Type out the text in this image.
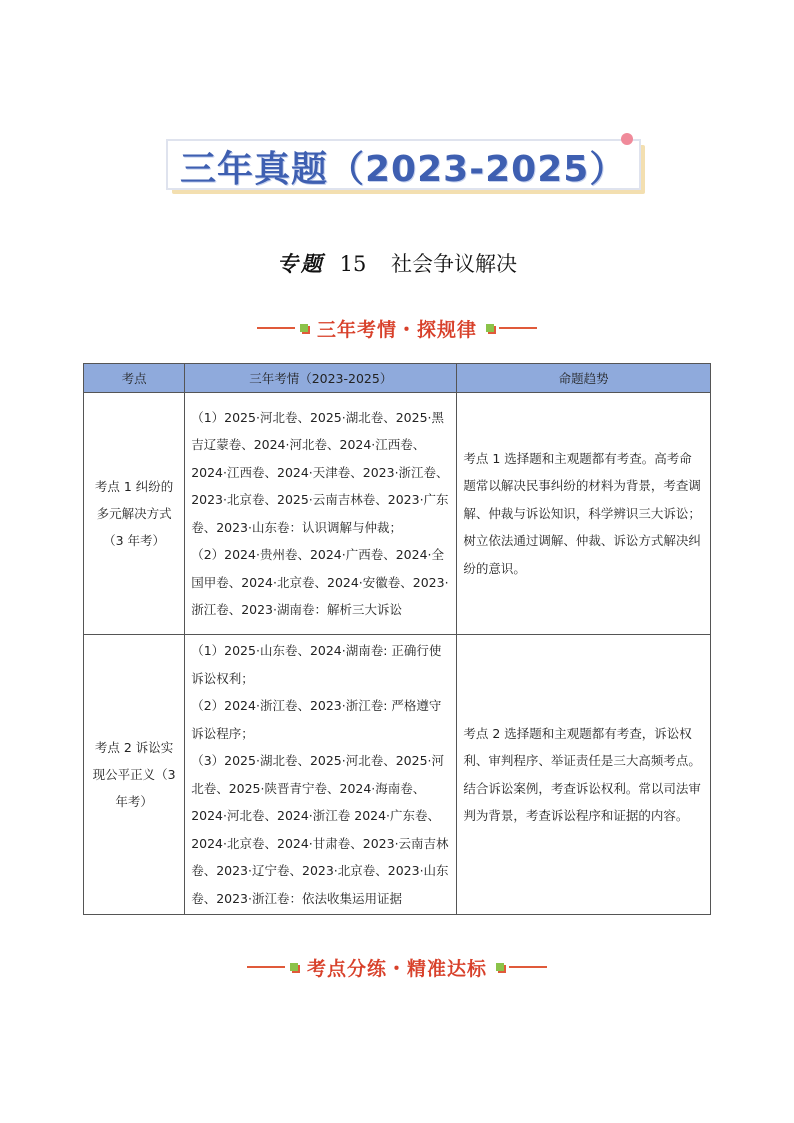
三年真题（2023-2025）
专题 15 社会争议解决
三年考情・探规律
考点	三年考情（2023-2025）	命题趋势
考点 1 纠纷的多元解决方式（3 年考）	（1）2025·河北卷、2025·湖北卷、2025·黑吉辽蒙卷、2024·河北卷、2024·江西卷、2024·江西卷、2024·天津卷、2023·浙江卷、2023·北京卷、2025·云南吉林卷、2023·广东卷、2023·山东卷：认识调解与仲裁；

（2）2024·贵州卷、2024·广西卷、2024·全国甲卷、2024·北京卷、2024·安徽卷、2023·浙江卷、2023·湖南卷：解析三大诉讼	考点 1 选择题和主观题都有考查。高考命题常以解决民事纠纷的材料为背景，考查调解、仲裁与诉讼知识，科学辨识三大诉讼；树立依法通过调解、仲裁、诉讼方式解决纠纷的意识。
考点 2 诉讼实现公平正义（3 年考）	（1）2025·山东卷、2024·湖南卷: 正确行使诉讼权利；

（2）2024·浙江卷、2023·浙江卷: 严格遵守诉讼程序；

（3）2025·湖北卷、2025·河北卷、2025·河北卷、2025·陕晋青宁卷、2024·海南卷、2024·河北卷、2024·浙江卷 2024·广东卷、2024·北京卷、2024·甘肃卷、2023·云南吉林卷、2023·辽宁卷、2023·北京卷、2023·山东卷、2023·浙江卷：依法收集运用证据	考点 2 选择题和主观题都有考查，诉讼权利、审判程序、举证责任是三大高频考点。结合诉讼案例，考查诉讼权利。常以司法审判为背景，考查诉讼程序和证据的内容。
考点分练・精准达标
